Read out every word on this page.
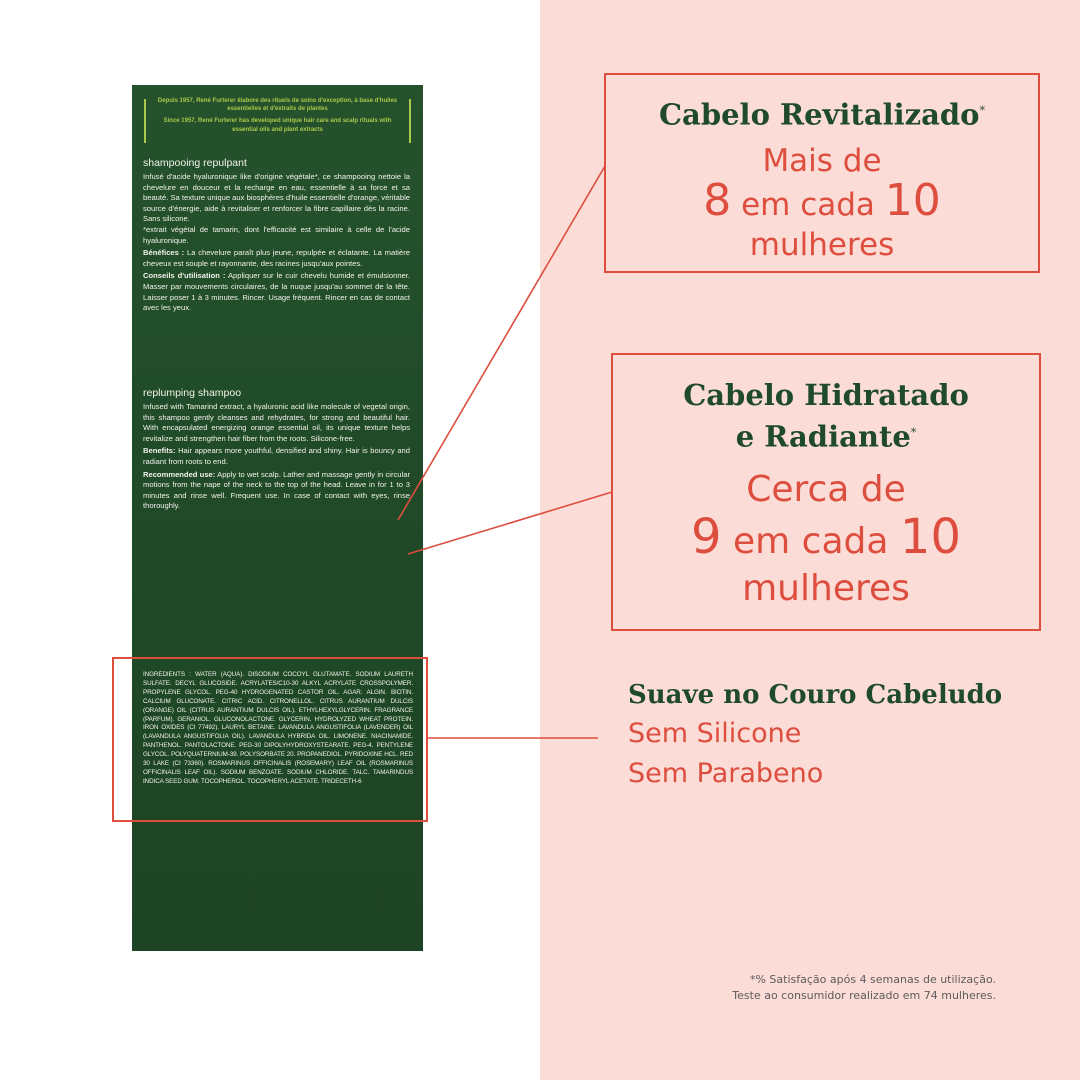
Depuis 1957, René Furterer élabore des rituels de soins d'exception, à base d'huiles essentielles et d'extraits de plantes

Since 1957, René Furterer has developed unique hair care and scalp rituals with essential oils and plant extracts

shampooing repulpant

Infusé d'acide hyaluronique like d'origine végétale*, ce shampooing nettoie la chevelure en douceur et la recharge en eau, essentielle à sa force et sa beauté. Sa texture unique aux biosphères d'huile essentielle d'orange, véritable source d'énergie, aide à revitaliser et renforcer la fibre capillaire dès la racine. Sans silicone.
*extrait végétal de tamarin, dont l'efficacité est similaire à celle de l'acide hyaluronique.

Bénéfices : La chevelure paraît plus jeune, repulpée et éclatante. La matière cheveux est souple et rayonnante, des racines jusqu'aux pointes.

Conseils d'utilisation : Appliquer sur le cuir chevelu humide et émulsionner. Masser par mouvements circulaires, de la nuque jusqu'au sommet de la tête. Laisser poser 1 à 3 minutes. Rincer. Usage fréquent. Rincer en cas de contact avec les yeux.

replumping shampoo

Infused with Tamarind extract, a hyaluronic acid like molecule of vegetal origin, this shampoo gently cleanses and rehydrates, for strong and beautiful hair. With encapsulated energizing orange essential oil, its unique texture helps revitalize and strengthen hair fiber from the roots. Silicone-free.

Benefits: Hair appears more youthful, densified and shiny. Hair is bouncy and radiant from roots to end.

Recommended use: Apply to wet scalp. Lather and massage gently in circular motions from the nape of the neck to the top of the head. Leave in for 1 to 3 minutes and rinse well. Frequent use. In case of contact with eyes, rinse thoroughly.

INGREDIENTS : WATER (AQUA). DISODIUM COCOYL GLUTAMATE. SODIUM LAURETH SULFATE. DECYL GLUCOSIDE. ACRYLATES/C10-30 ALKYL ACRYLATE CROSSPOLYMER. PROPYLENE GLYCOL. PEG-40 HYDROGENATED CASTOR OIL. AGAR. ALGIN. BIOTIN. CALCIUM GLUCONATE. CITRIC ACID. CITRONELLOL. CITRUS AURANTIUM DULCIS (ORANGE) OIL (CITRUS AURANTIUM DULCIS OIL). ETHYLHEXYLGLYCERIN. FRAGRANCE (PARFUM). GERANIOL. GLUCONOLACTONE. GLYCERIN. HYDROLYZED WHEAT PROTEIN. IRON OXIDES (CI 77492). LAURYL BETAINE. LAVANDULA ANGUSTIFOLIA (LAVENDER) OIL (LAVANDULA ANGUSTIFOLIA OIL). LAVANDULA HYBRIDA OIL. LIMONENE. NIACINAMIDE. PANTHENOL. PANTOLACTONE. PEG-30 DIPOLYHYDROXYSTEARATE. PEG-4. PENTYLENE GLYCOL. POLYQUATERNIUM-39. POLYSORBATE 20. PROPANEDIOL. PYRIDOXINE HCL. RED 30 LAKE (CI 73360). ROSMARINUS OFFICINALIS (ROSEMARY) LEAF OIL (ROSMARINUS OFFICINALIS LEAF OIL). SODIUM BENZOATE. SODIUM CHLORIDE. TALC. TAMARINDUS INDICA SEED GUM. TOCOPHEROL. TOCOPHERYL ACETATE. TRIDECETH-6
Cabelo Revitalizado*
Mais de
8 em cada 10
mulheres
Cabelo Hidratado
e Radiante*
Cerca de
9 em cada 10
mulheres
Suave no Couro Cabeludo
Sem Silicone
Sem Parabeno
*% Satisfação após 4 semanas de utilização.
Teste ao consumidor realizado em 74 mulheres.
